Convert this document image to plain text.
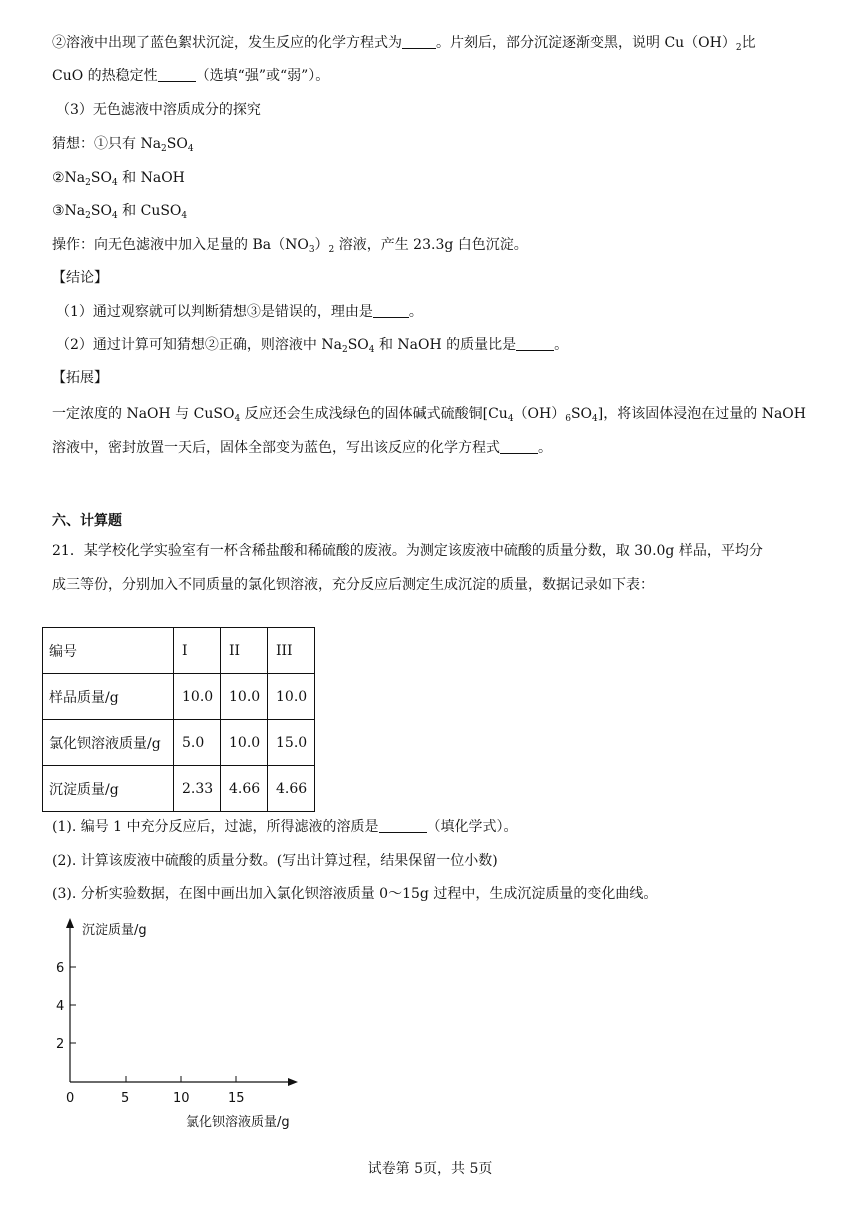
②溶液中出现了蓝色絮状沉淀，发生反应的化学方程式为 。片刻后，部分沉淀逐渐变黑，说明 $Cu(OH)_2$比
CuO 的热稳定性	（选填“强”或“弱”）。
（3）无色滤液中溶质成分的探究
猜想：①只有 $Na_2SO_4$
$②Na_2SO_4$ 和 NaOH
$③Na_2SO_4$ 和 CuSO$_4$
操作：向无色滤液中加入足量的 $Ba(NO_3)_2$ 溶液，产生 23.3g 白色沉淀。
【结论】
（1）通过观察就可以判断猜想③是错误的，理由是	。
（2）通过计算可知猜想②正确，则溶液中 $Na_2SO_4$ 和 NaOH 的质量比是	。
【拓展】
一定浓度的 NaOH 与 CuSO$_4$ 反应还会生成浅绿色的固体碱式硫酸铜$[Cu_4(OH)_6SO_4]$，将该固体浸泡在过量的 NaOH
溶液中，密封放置一天后，固体全部变为蓝色，写出该反应的化学方程式	。
六、计算题
21．某学校化学实验室有一杯含稀盐酸和稀硫酸的废液。为测定该废液中硫酸的质量分数，取 30.0g 样品，平均分
成三等份，分别加入不同质量的氯化钡溶液，充分反应后测定生成沉淀的质量，数据记录如下表：
编号	I	II	III
样品质量/g	10.0	10.0	10.0
氯化钡溶液质量/g	5.0	10.0	15.0
沉淀质量/g	2.33	4.66	4.66
(1). 编号 1 中充分反应后，过滤，所得滤液的溶质是	（填化学式）。
(2). 计算该废液中硫酸的质量分数。(写出计算过程，结果保留一位小数)
(3). 分析实验数据，在图中画出加入氯化钡溶液质量 0～15g 过程中，生成沉淀质量的变化曲线。
沉淀质量/g
6
4
2
0	5	10	15
氯化钡溶液质量/g
试卷第 5页，共 5页
